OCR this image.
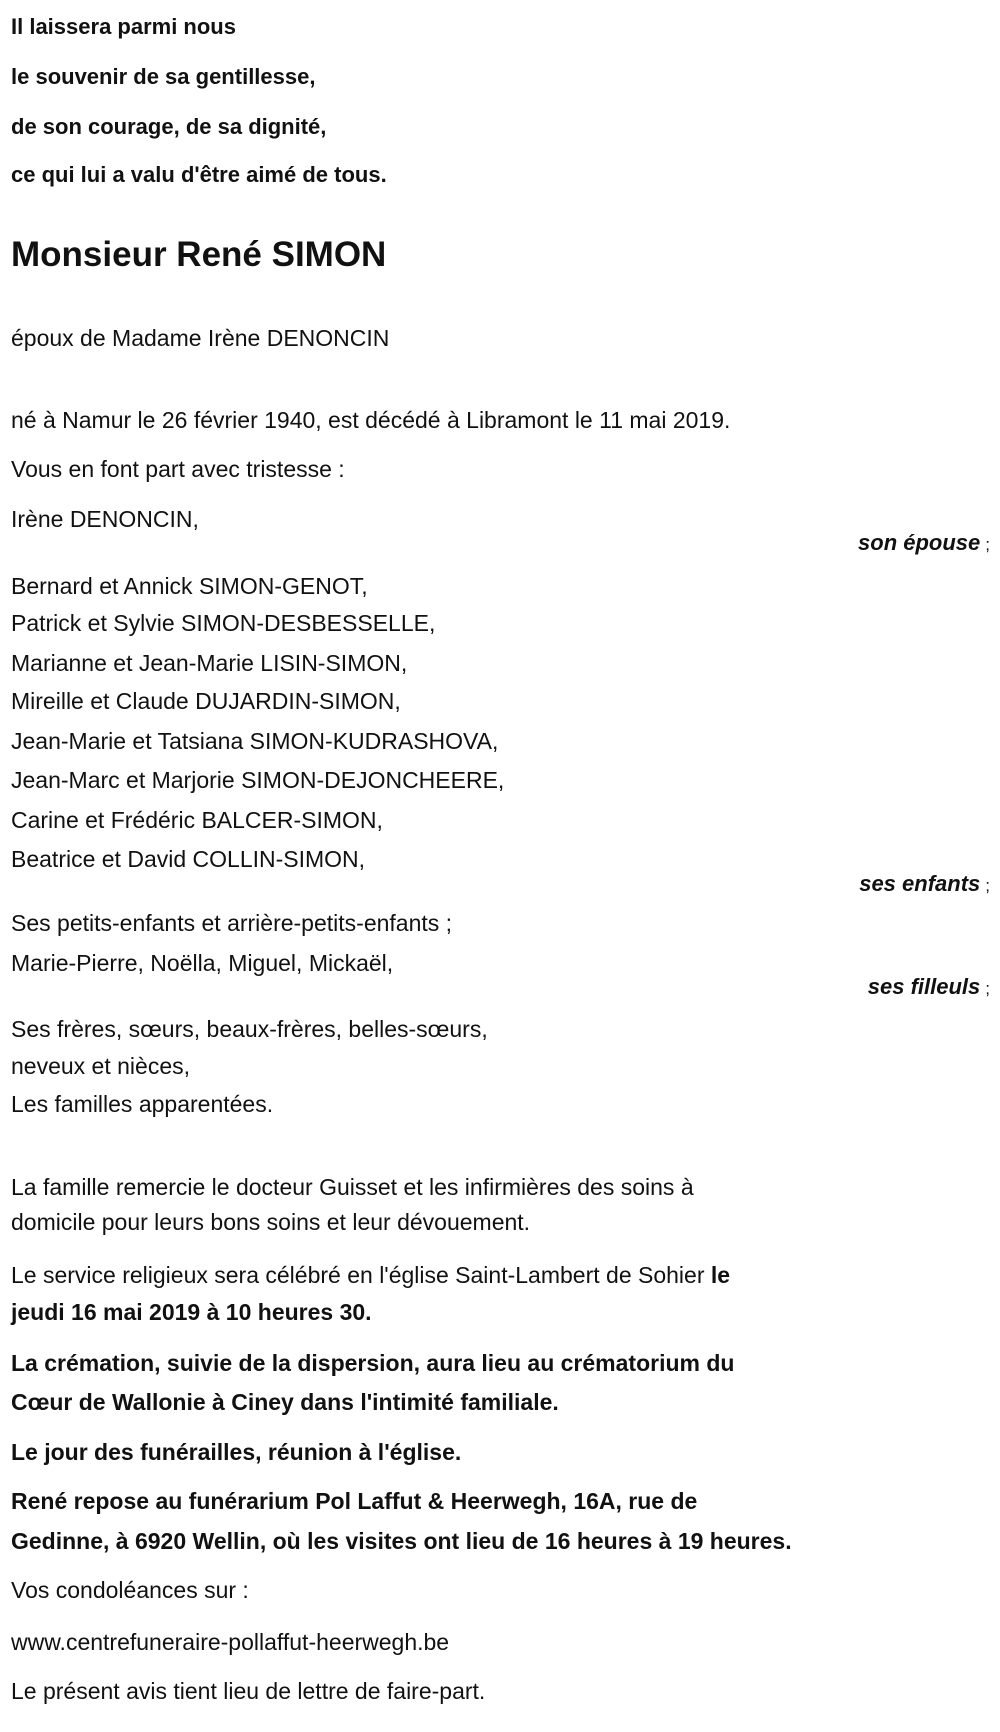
Il laissera parmi nous
le souvenir de sa gentillesse,
de son courage, de sa dignité,
ce qui lui a valu d'être aimé de tous.
Monsieur René SIMON
époux de Madame Irène DENONCIN
né à Namur le 26 février 1940, est décédé à Libramont le 11 mai 2019.
Vous en font part avec tristesse :
Irène DENONCIN,
son épouse ;
Bernard et Annick SIMON-GENOT,
Patrick et Sylvie SIMON-DESBESSELLE,
Marianne et Jean-Marie LISIN-SIMON,
Mireille et Claude DUJARDIN-SIMON,
Jean-Marie et Tatsiana SIMON-KUDRASHOVA,
Jean-Marc et Marjorie SIMON-DEJONCHEERE,
Carine et Frédéric BALCER-SIMON,
Beatrice et David COLLIN-SIMON,
ses enfants ;
Ses petits-enfants et arrière-petits-enfants ;
Marie-Pierre, Noëlla, Miguel, Mickaël,
ses filleuls ;
Ses frères, sœurs, beaux-frères, belles-sœurs,
neveux et nièces,
Les familles apparentées.
La famille remercie le docteur Guisset et les infirmières des soins à
domicile pour leurs bons soins et leur dévouement.
Le service religieux sera célébré en l'église Saint-Lambert de Sohier le
jeudi 16 mai 2019 à 10 heures 30.
La crémation, suivie de la dispersion, aura lieu au crématorium du
Cœur de Wallonie à Ciney dans l'intimité familiale.
Le jour des funérailles, réunion à l'église.
René repose au funérarium Pol Laffut & Heerwegh, 16A, rue de
Gedinne, à 6920 Wellin, où les visites ont lieu de 16 heures à 19 heures.
Vos condoléances sur :
www.centrefuneraire-pollaffut-heerwegh.be
Le présent avis tient lieu de lettre de faire-part.
